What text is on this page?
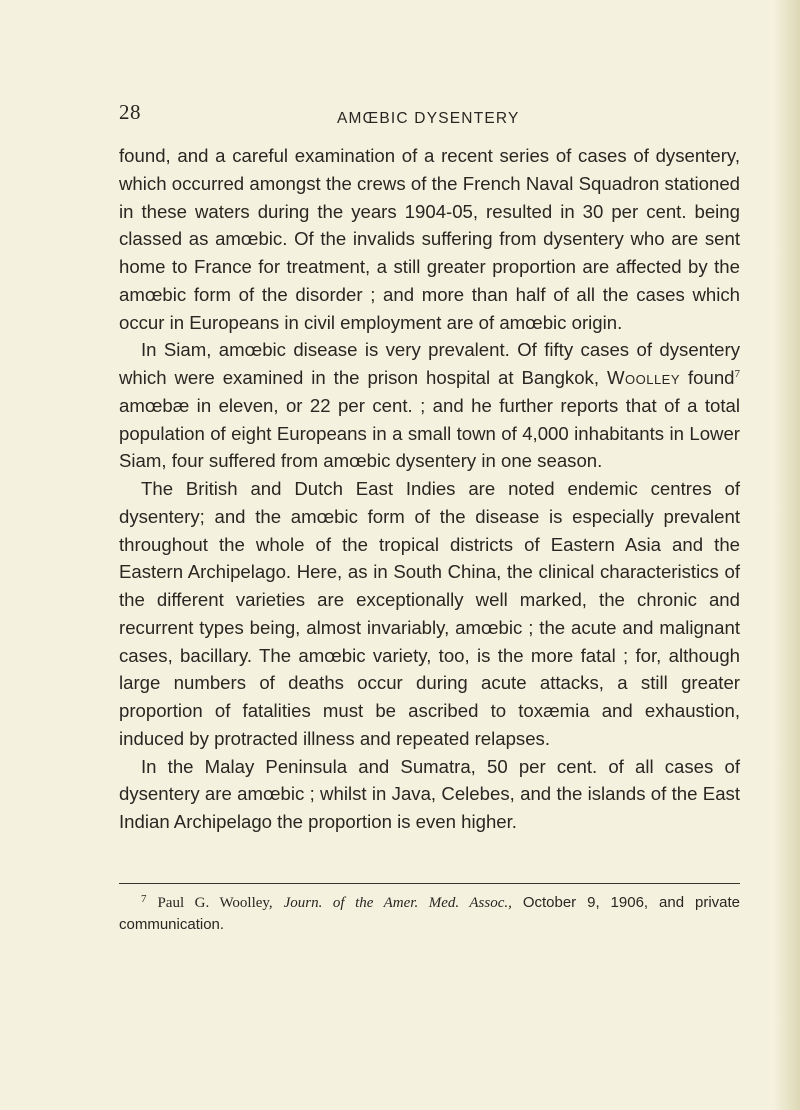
28	AMŒBIC DYSENTERY

found, and a careful examination of a recent series of cases of dysentery, which occurred amongst the crews of the French Naval Squadron stationed in these waters during the years 1904-05, resulted in 30 per cent. being classed as amœbic. Of the invalids suffering from dysentery who are sent home to France for treatment, a still greater proportion are affected by the amœbic form of the disorder ; and more than half of all the cases which occur in Europeans in civil employment are of amœbic origin.

In Siam, amœbic disease is very prevalent. Of fifty cases of dysentery which were examined in the prison hospital at Bangkok, Woolley found$^7$ amœbæ in eleven, or 22 per cent. ; and he further reports that of a total population of eight Europeans in a small town of 4,000 inhabitants in Lower Siam, four suffered from amœbic dysentery in one season.

The British and Dutch East Indies are noted endemic centres of dysentery; and the amœbic form of the disease is especially prevalent throughout the whole of the tropical districts of Eastern Asia and the Eastern Archipelago. Here, as in South China, the clinical characteristics of the different varieties are exceptionally well marked, the chronic and recurrent types being, almost invariably, amœbic ; the acute and malignant cases, bacillary. The amœbic variety, too, is the more fatal ; for, although large numbers of deaths occur during acute attacks, a still greater proportion of fatalities must be ascribed to toxæmia and exhaustion, induced by protracted illness and repeated relapses.

In the Malay Peninsula and Sumatra, 50 per cent. of all cases of dysentery are amœbic ; whilst in Java, Celebes, and the islands of the East Indian Archipelago the proportion is even higher.

$^7$ Paul G. Woolley, Journ. of the Amer. Med. Assoc., October 9, 1906, and private communication.
